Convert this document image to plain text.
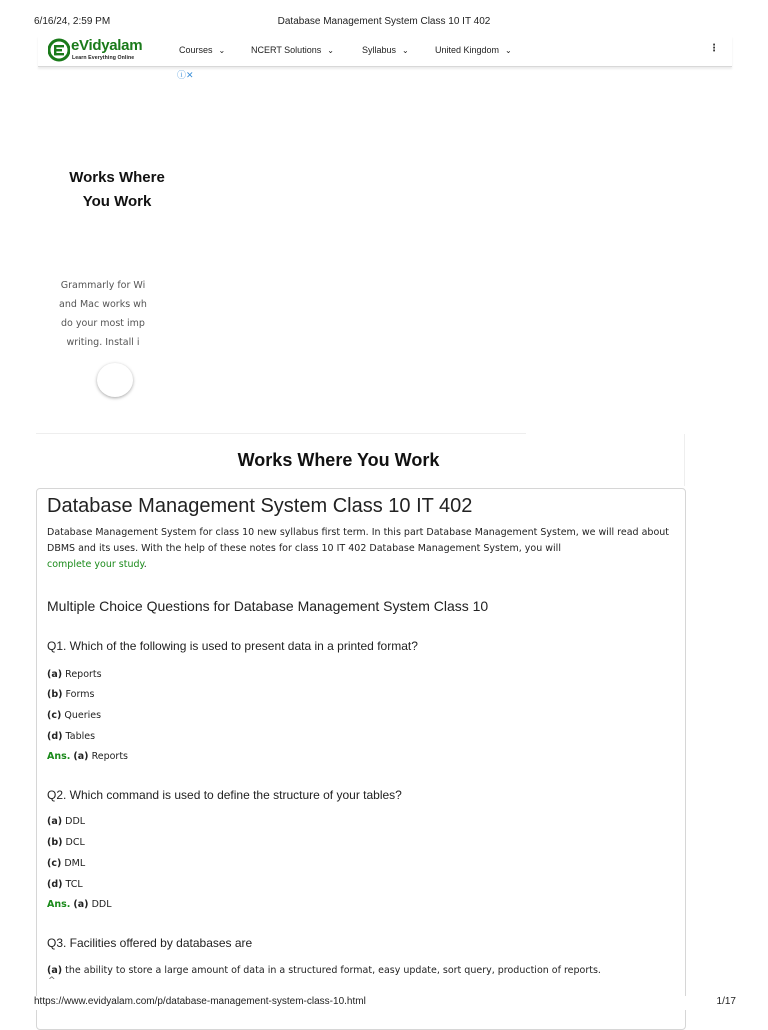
6/16/24, 2:59 PM	Database Management System Class 10 IT 402
eVidyalam
Learn Everything Online
Courses ⌄	NCERT Solutions ⌄	Syllabus ⌄	United Kingdom ⌄	⋮
ⓘ✕
Works Where
You Work
Grammarly for Wi
and Mac works wh
do your most imp
writing. Install i
Works Where You Work
Database Management System Class 10 IT 402
Database Management System for class 10 new syllabus first term. In this part Database Management System, we will read about DBMS and its uses. With the help of these notes for class 10 IT 402 Database Management System, you will
complete your study.
Multiple Choice Questions for Database Management System Class 10
Q1. Which of the following is used to present data in a printed format?
(a) Reports
(b) Forms
(c) Queries
(d) Tables
Ans. (a) Reports
Q2. Which command is used to define the structure of your tables?
(a) DDL
(b) DCL
(c) DML
(d) TCL
Ans. (a) DDL
Q3. Facilities offered by databases are
(a) the ability to store a large amount of data in a structured format, easy update, sort query, production of reports.
^
https://www.evidyalam.com/p/database-management-system-class-10.html	1/17
